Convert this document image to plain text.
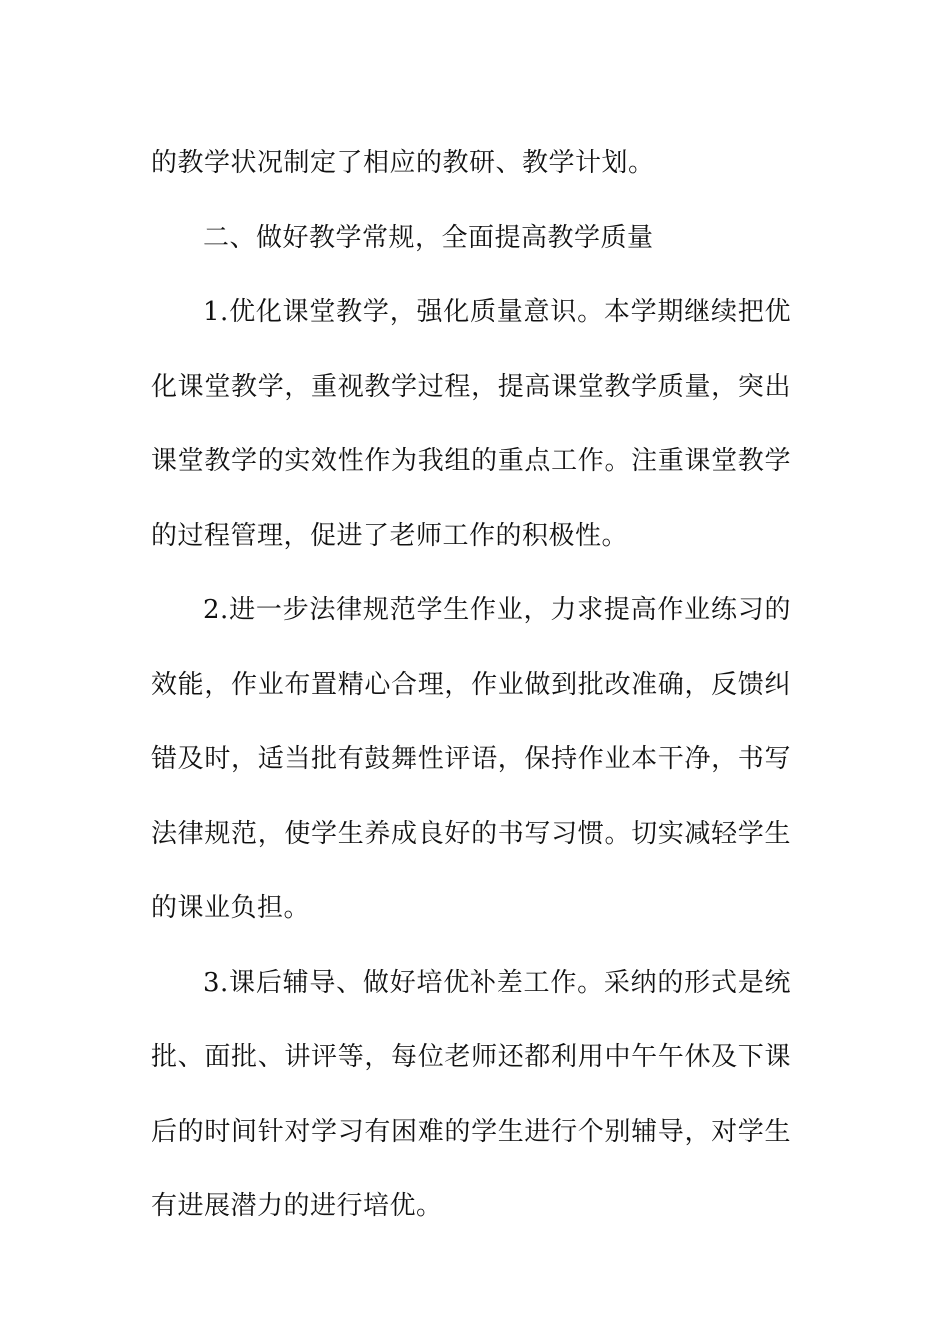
的教学状况制定了相应的教研、教学计划。

二、做好教学常规，全面提高教学质量

1.优化课堂教学，强化质量意识。本学期继续把优化课堂教学，重视教学过程，提高课堂教学质量，突出课堂教学的实效性作为我组的重点工作。注重课堂教学的过程管理，促进了老师工作的积极性。

2.进一步法律规范学生作业，力求提高作业练习的效能，作业布置精心合理，作业做到批改准确，反馈纠错及时，适当批有鼓舞性评语，保持作业本干净，书写法律规范，使学生养成良好的书写习惯。切实减轻学生的课业负担。

3.课后辅导、做好培优补差工作。采纳的形式是统批、面批、讲评等，每位老师还都利用中午午休及下课后的时间针对学习有困难的学生进行个别辅导，对学生有进展潜力的进行培优。
